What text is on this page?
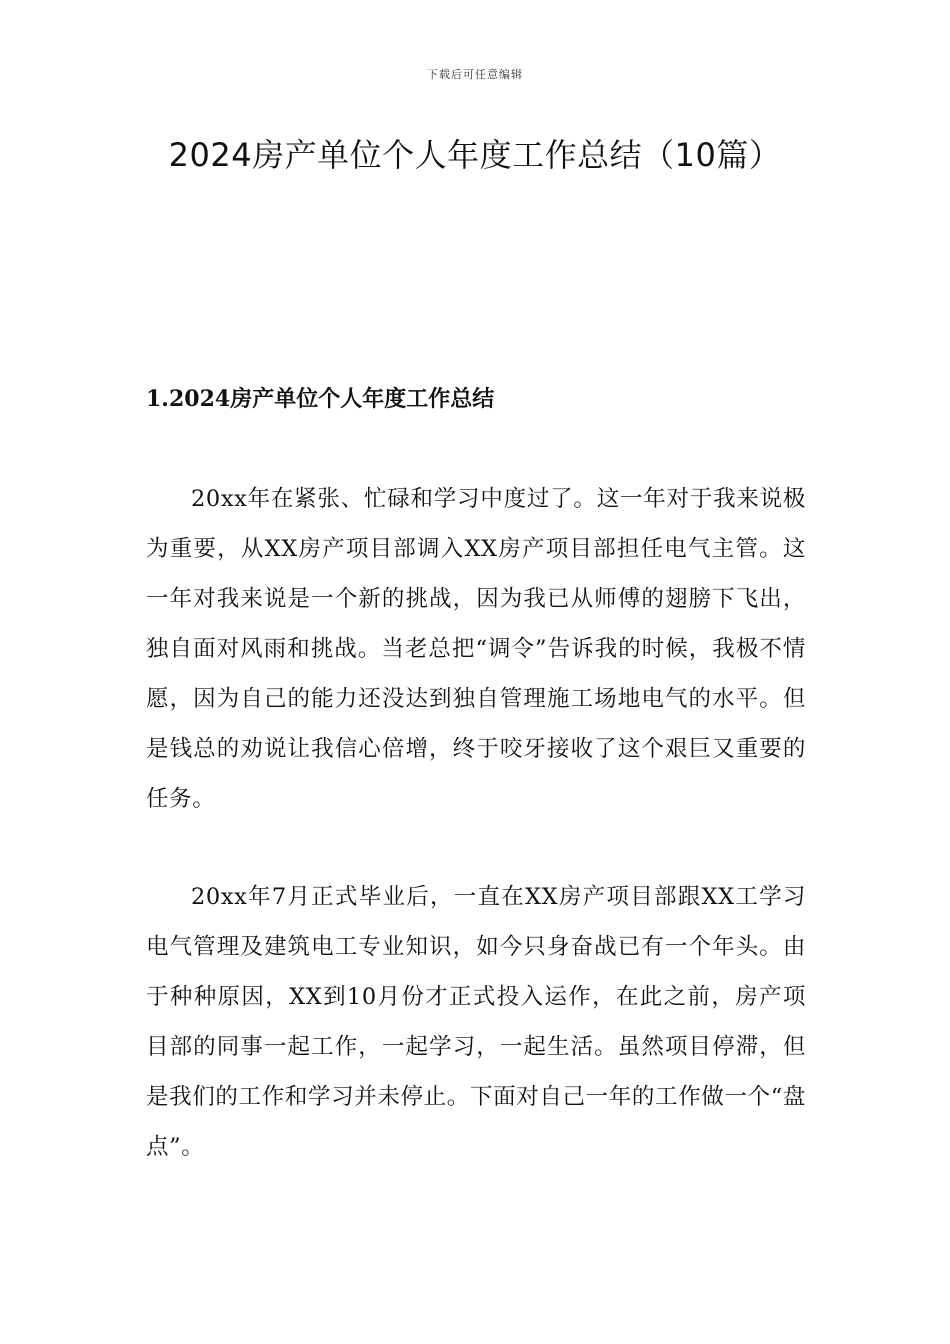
下载后可任意编辑
2024房产单位个人年度工作总结（10篇）
1.2024房产单位个人年度工作总结

20xx年在紧张、忙碌和学习中度过了。这一年对于我来说极为重要，从XX房产项目部调入XX房产项目部担任电气主管。这一年对我来说是一个新的挑战，因为我已从师傅的翅膀下飞出，独自面对风雨和挑战。当老总把“调令”告诉我的时候，我极不情愿，因为自己的能力还没达到独自管理施工场地电气的水平。但是钱总的劝说让我信心倍增，终于咬牙接收了这个艰巨又重要的任务。

20xx年7月正式毕业后，一直在XX房产项目部跟XX工学习电气管理及建筑电工专业知识，如今只身奋战已有一个年头。由于种种原因，XX到10月份才正式投入运作，在此之前，房产项目部的同事一起工作，一起学习，一起生活。虽然项目停滞，但是我们的工作和学习并未停止。下面对自己一年的工作做一个“盘点”。
